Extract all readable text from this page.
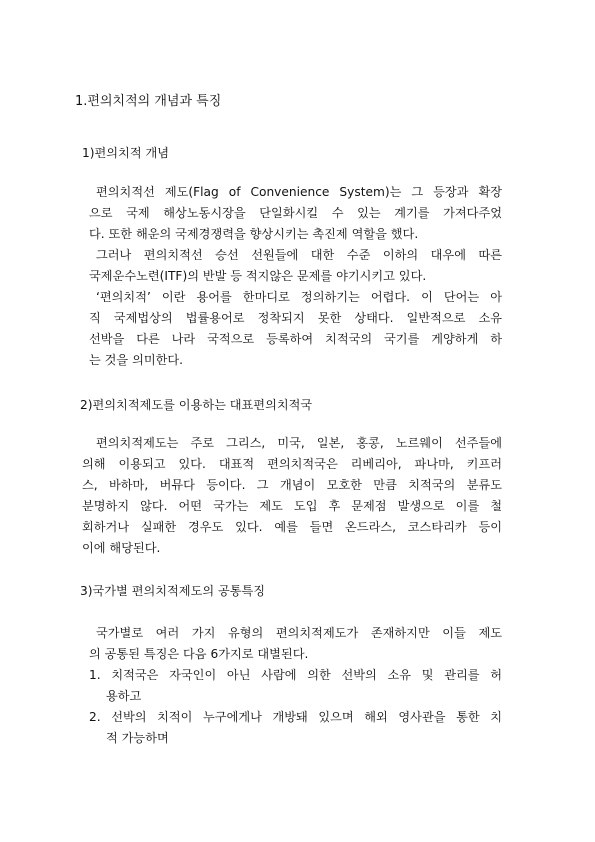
1.편의치적의 개념과 특징
1)편의치적 개념
편의치적선 제도(Flag of Convenience System)는 그 등장과 확장
으로 국제 해상노동시장을 단일화시킬 수 있는 계기를 가져다주었
다. 또한 해운의 국제경쟁력을 향상시키는 촉진제 역할을 했다.
그러나 편의치적선 승선 선원들에 대한 수준 이하의 대우에 따른
국제운수노련(ITF)의 반발 등 적지않은 문제를 야기시키고 있다.
‘편의치적’ 이란 용어를 한마디로 정의하기는 어렵다. 이 단어는 아
직 국제법상의 법률용어로 정착되지 못한 상태다. 일반적으로 소유
선박을 다른 나라 국적으로 등록하여 치적국의 국기를 게양하게 하
는 것을 의미한다.
2)편의치적제도를 이용하는 대표편의치적국
편의치적제도는 주로 그리스, 미국, 일본, 홍콩, 노르웨이 선주들에
의해 이용되고 있다. 대표적 편의치적국은 리베리아, 파나마, 키프러
스, 바하마, 버뮤다 등이다. 그 개념이 모호한 만큼 치적국의 분류도
분명하지 않다. 어떤 국가는 제도 도입 후 문제점 발생으로 이를 철
회하거나 실패한 경우도 있다. 예를 들면 온드라스, 코스타리카 등이
이에 해당된다.
3)국가별 편의치적제도의 공통특징
국가별로 여러 가지 유형의 편의치적제도가 존재하지만 이들 제도
의 공통된 특징은 다음 6가지로 대별된다.
1. 치적국은 자국인이 아닌 사람에 의한 선박의 소유 및 관리를 허
용하고
2. 선박의 치적이 누구에게나 개방돼 있으며 해외 영사관을 통한 치
적 가능하며
